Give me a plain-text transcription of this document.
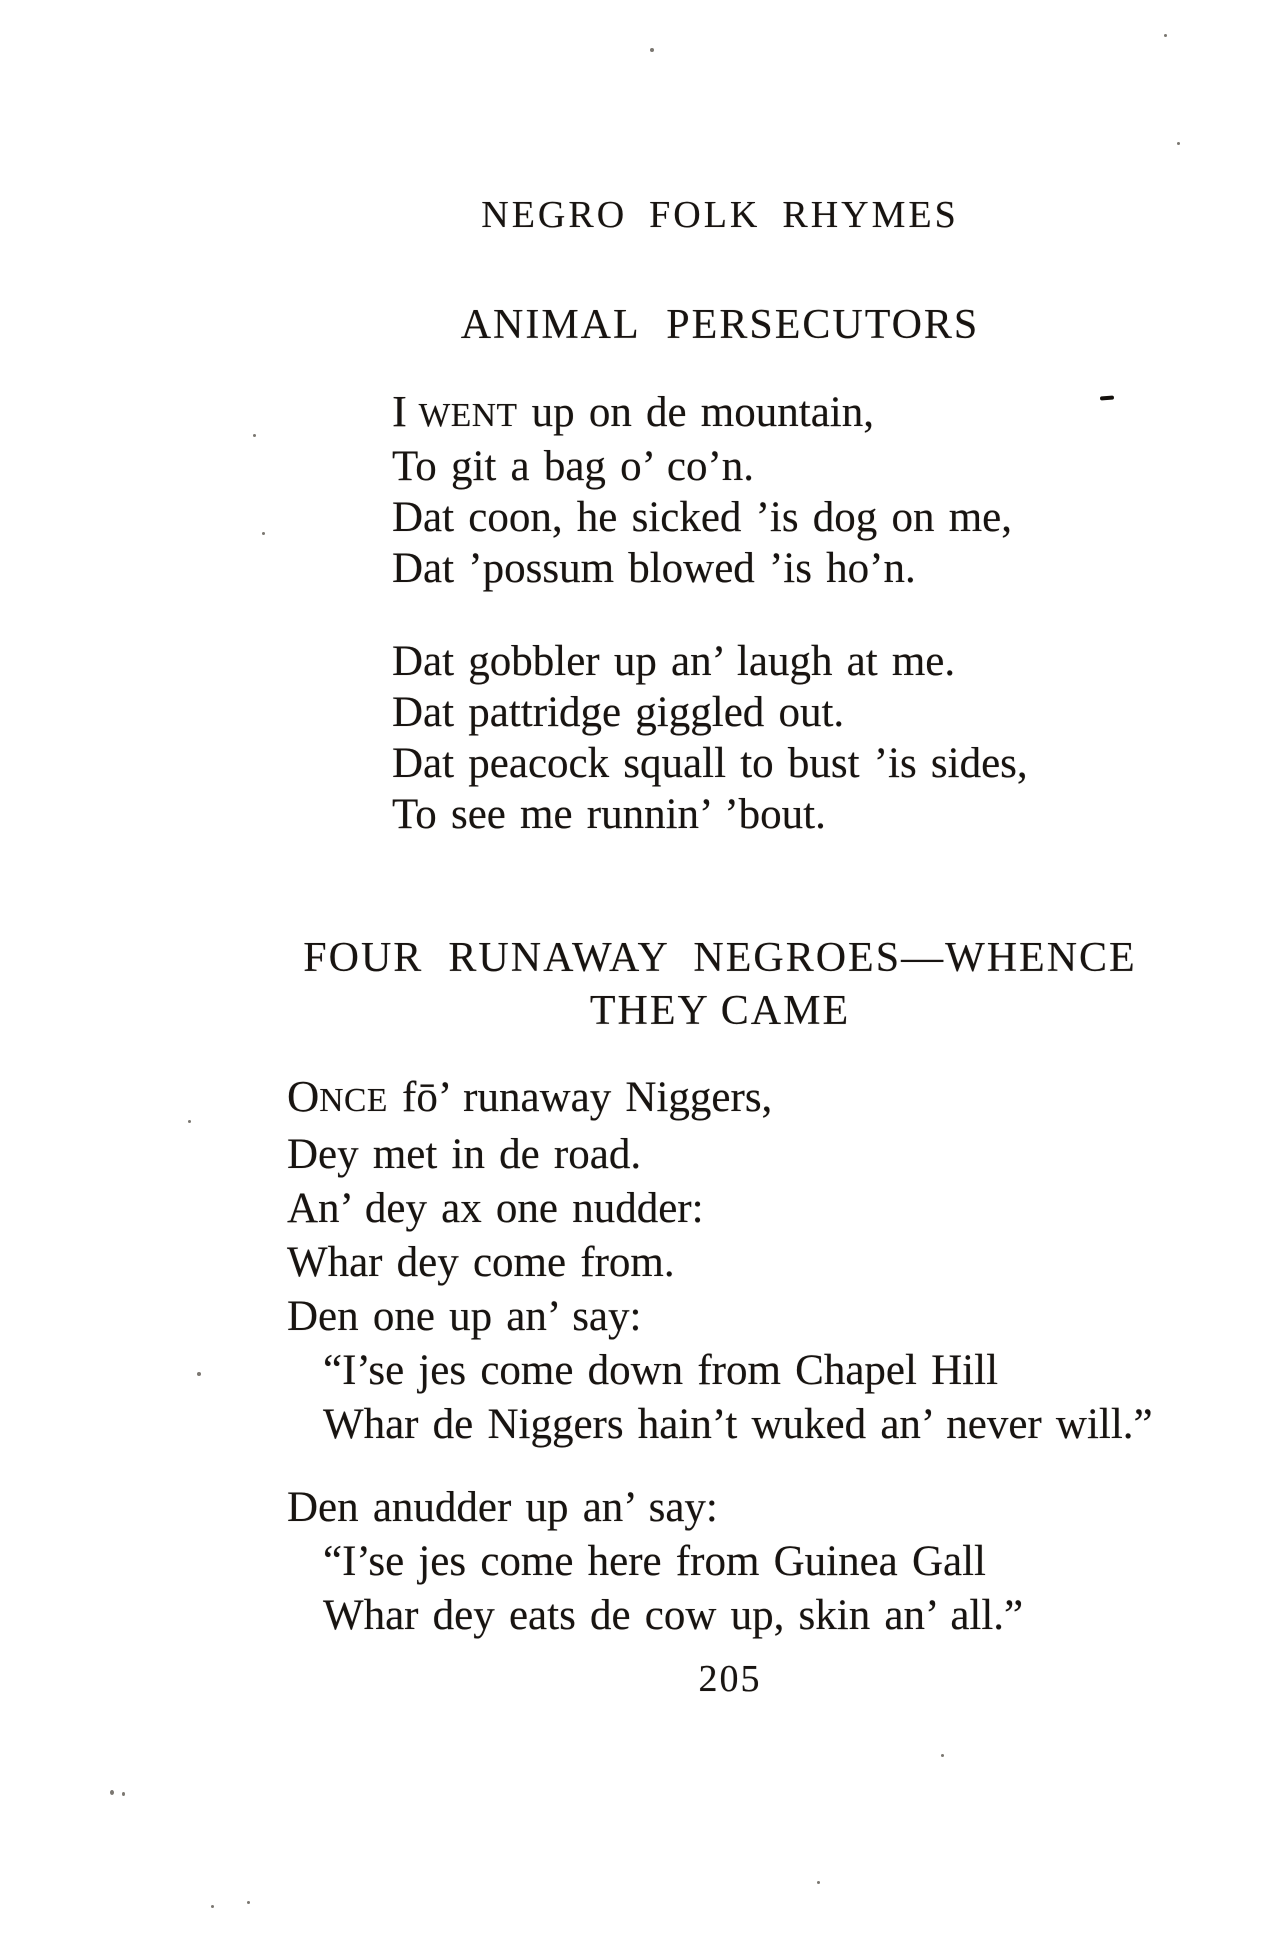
NEGRO FOLK RHYMES
ANIMAL PERSECUTORS
I WENT up on de mountain,
To git a bag o’ co’n.
Dat coon, he sicked ’is dog on me,
Dat ’possum blowed ’is ho’n.
Dat gobbler up an’ laugh at me.
Dat pattridge giggled out.
Dat peacock squall to bust ’is sides,
To see me runnin’ ’bout.
FOUR RUNAWAY NEGROES—WHENCE
THEY CAME
ONCE fō’ runaway Niggers,
Dey met in de road.
An’ dey ax one nudder:
Whar dey come from.
Den one up an’ say:
“I’se jes come down from Chapel Hill
Whar de Niggers hain’t wuked an’ never will.”
Den anudder up an’ say:
“I’se jes come here from Guinea Gall
Whar dey eats de cow up, skin an’ all.”
205
